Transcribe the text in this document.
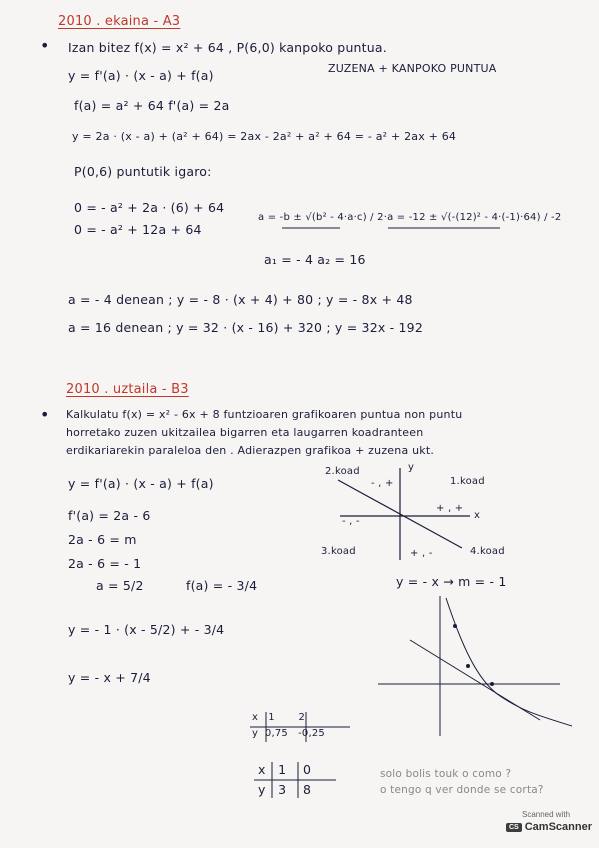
2010 . ekaina - A3
• Izan bitez f(x) = x² + 64 , P(6,0) kanpoko puntua.
y = f'(a) · (x - a) + f(a)	ZUZENA + KANPOKO PUNTUA
f(a) = a² + 64 f'(a) = 2a
y = 2a · (x - a) + (a² + 64) = 2ax - 2a² + a² + 64 = - a² + 2ax + 64
P(0,6) puntutik igaro:
0 = - a² + 2a · (6) + 64
0 = - a² + 12a + 64
a = -b ± √(b² - 4·a·c) / 2·a = -12 ± √(-(12)² - 4·(-1)·64) / -2
a₁ = - 4 a₂ = 16
a = - 4 denean ; y = - 8 · (x + 4) + 80 ; y = - 8x + 48
a = 16 denean ; y = 32 · (x - 16) + 320 ; y = 32x - 192
2010 . uztaila - B3
• Kalkulatu f(x) = x² - 6x + 8 funtzioaren grafikoaren puntua non puntu
horretako zuzen ukitzailea bigarren eta laugarren koadranteen
erdikariarekin paraleloa den . Adierazpen grafikoa + zuzena ukt.
y = f'(a) · (x - a) + f(a)
f'(a) = 2a - 6
2a - 6 = m
2a - 6 = - 1
a = 5/2	f(a) = - 3/4
y = - 1 · (x - 5/2) + - 3/4
y = - x + 7/4
2.koad
1.koad
3.koad	4.koad
- , +
+ , +
- , -
+ , -
x
y
y = - x → m = - 1
x 1 2
y 0,75 -0,25
x 1 0
y 3 8
solo bolis touk o como ?
o tengo q ver donde se corta?
Scanned with
CS CamScanner
